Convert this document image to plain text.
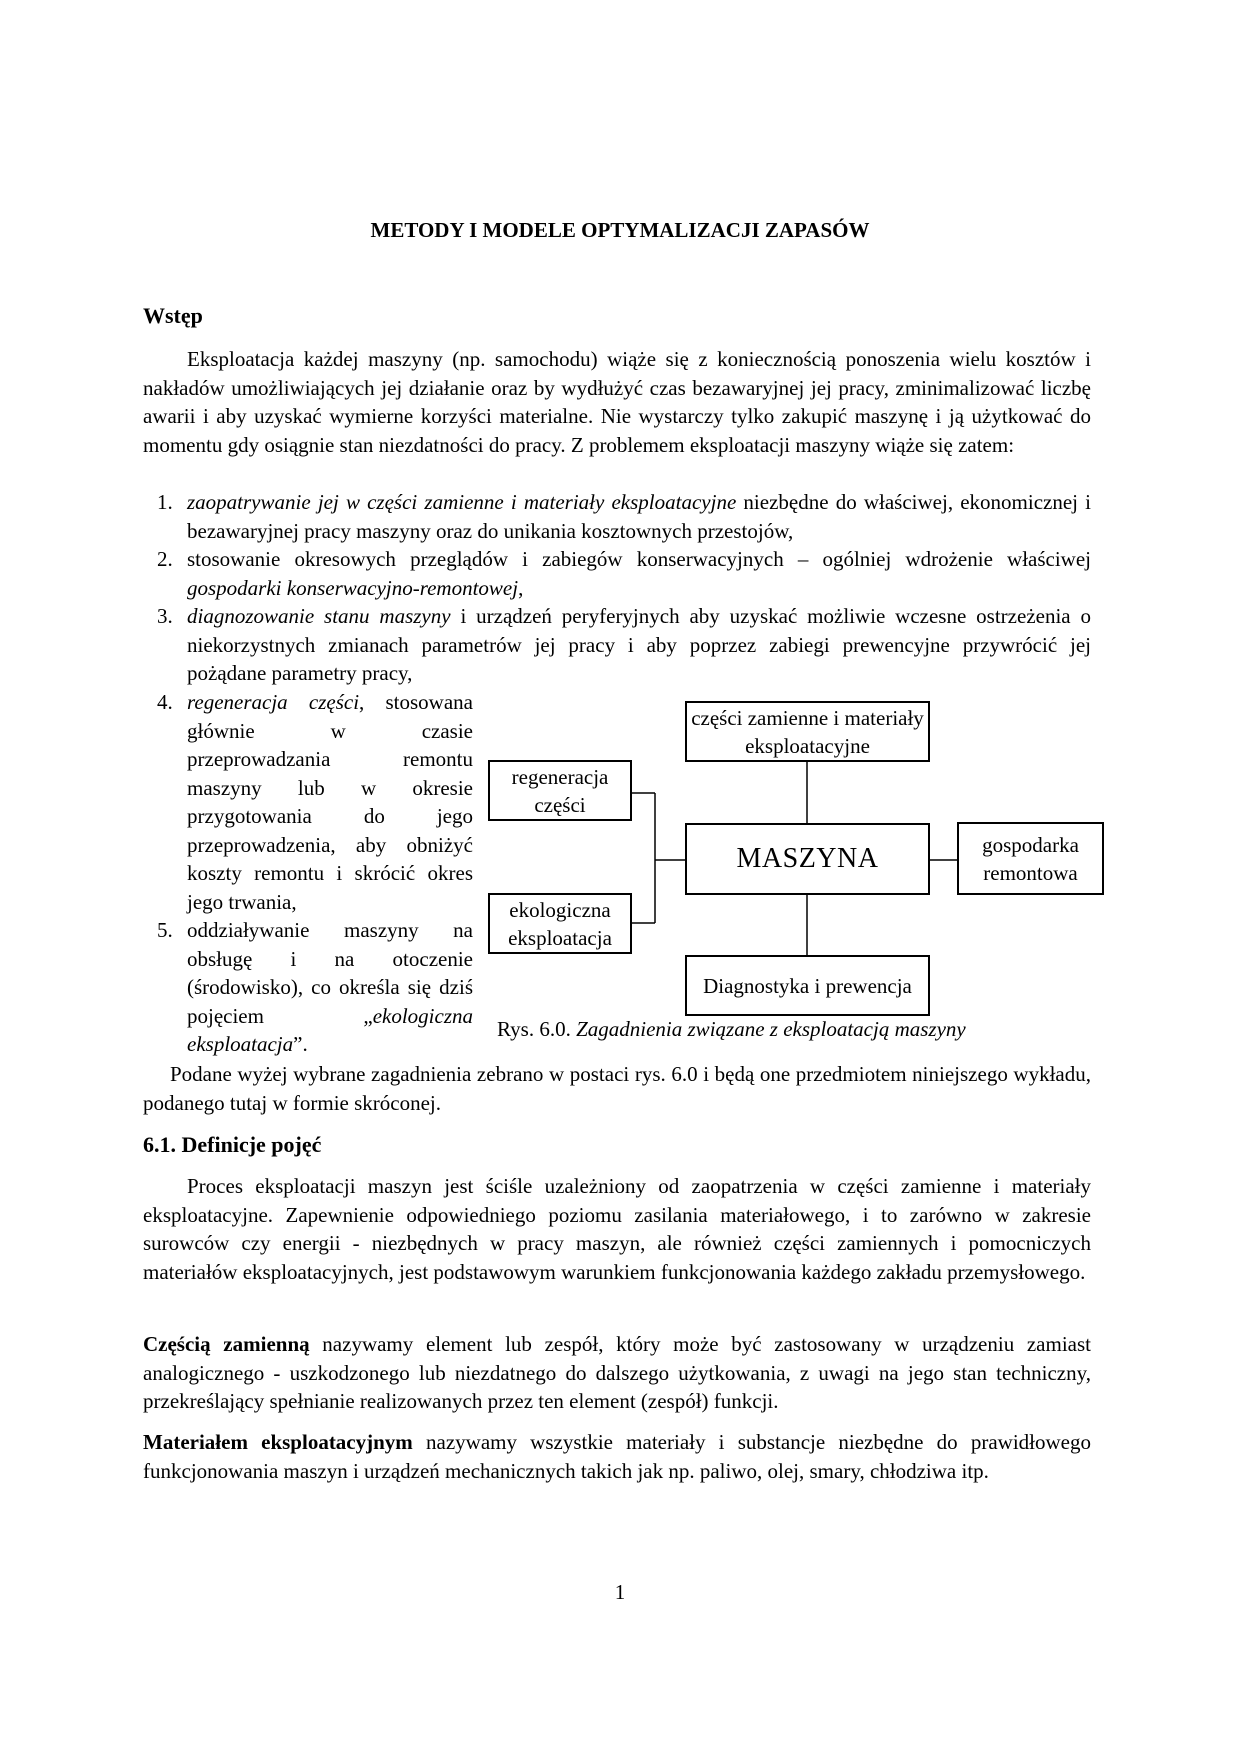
METODY I MODELE OPTYMALIZACJI ZAPASÓW
Wstęp

Eksploatacja każdej maszyny (np. samochodu) wiąże się z koniecznością ponoszenia wielu kosztów i nakładów umożliwiających jej działanie oraz by wydłużyć czas bezawaryjnej jej pracy, zminimalizować liczbę awarii i aby uzyskać wymierne korzyści materialne. Nie wystarczy tylko zakupić maszynę i ją użytkować do momentu gdy osiągnie stan niezdatności do pracy. Z problemem eksploatacji maszyny wiąże się zatem:

1. zaopatrywanie jej w części zamienne i materiały eksploatacyjne niezbędne do właściwej, ekonomicznej i bezawaryjnej pracy maszyny oraz do unikania kosztownych przestojów,
2. stosowanie okresowych przeglądów i zabiegów konserwacyjnych – ogólniej wdrożenie właściwej gospodarki konserwacyjno-remontowej,
3. diagnozowanie stanu maszyny i urządzeń peryferyjnych aby uzyskać możliwie wczesne ostrzeżenia o niekorzystnych zmianach parametrów jej pracy i aby poprzez zabiegi prewencyjne przywrócić jej pożądane parametry pracy,
4. regeneracja części, stosowana głównie w czasie przeprowadzania remontu maszyny lub w okresie przygotowania do jego przeprowadzenia, aby obniżyć koszty remontu i skrócić okres jego trwania,
5. oddziaływanie maszyny na obsługę i na otoczenie (środowisko), co określa się dziś pojęciem „ekologiczna eksploatacja”.
części zamienne i materiały eksploatacyjne
regeneracja części
MASZYNA	gospodarka remontowa
ekologiczna eksploatacja
Diagnostyka i prewencja
Rys. 6.0. Zagadnienia związane z eksploatacją maszyny

Podane wyżej wybrane zagadnienia zebrano w postaci rys. 6.0 i będą one przedmiotem niniejszego wykładu, podanego tutaj w formie skróconej.

6.1. Definicje pojęć

Proces eksploatacji maszyn jest ściśle uzależniony od zaopatrzenia w części zamienne i materiały eksploatacyjne. Zapewnienie odpowiedniego poziomu zasilania materiałowego, i to zarówno w zakresie surowców czy energii - niezbędnych w pracy maszyn, ale również części zamiennych i pomocniczych materiałów eksploatacyjnych, jest podstawowym warunkiem funkcjonowania każdego zakładu przemysłowego.

Częścią zamienną nazywamy element lub zespół, który może być zastosowany w urządzeniu zamiast analogicznego - uszkodzonego lub niezdatnego do dalszego użytkowania, z uwagi na jego stan techniczny, przekreślający spełnianie realizowanych przez ten element (zespół) funkcji.

Materiałem eksploatacyjnym nazywamy wszystkie materiały i substancje niezbędne do prawidłowego funkcjonowania maszyn i urządzeń mechanicznych takich jak np. paliwo, olej, smary, chłodziwa itp.

1
